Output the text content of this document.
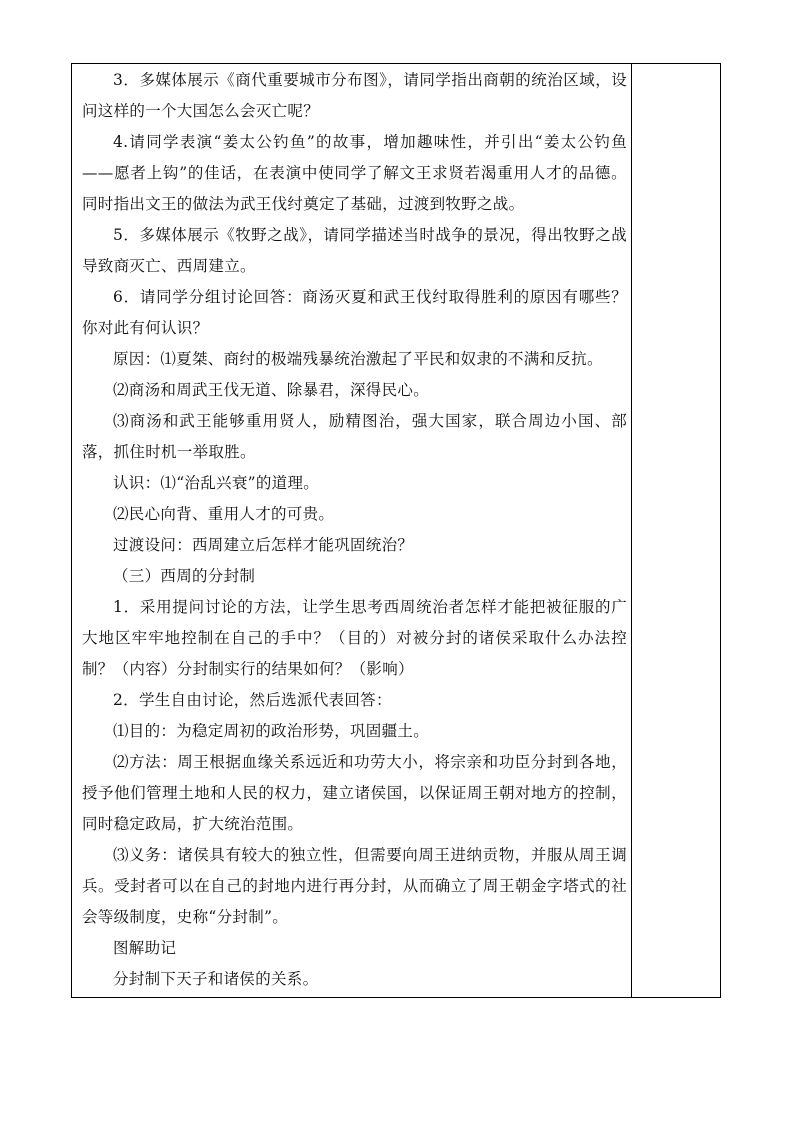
3．多媒体展示《商代重要城市分布图》，请同学指出商朝的统治区域，设问这样的一个大国怎么会灭亡呢？

4.请同学表演“姜太公钓鱼”的故事，增加趣味性，并引出“姜太公钓鱼——愿者上钩”的佳话，在表演中使同学了解文王求贤若渴重用人才的品德。同时指出文王的做法为武王伐纣奠定了基础，过渡到牧野之战。

5．多媒体展示《牧野之战》，请同学描述当时战争的景况，得出牧野之战导致商灭亡、西周建立。

6．请同学分组讨论回答：商汤灭夏和武王伐纣取得胜利的原因有哪些？你对此有何认识？

原因：⑴夏桀、商纣的极端残暴统治激起了平民和奴隶的不满和反抗。

⑵商汤和周武王伐无道、除暴君，深得民心。

⑶商汤和武王能够重用贤人，励精图治，强大国家，联合周边小国、部落，抓住时机一举取胜。

认识：⑴“治乱兴衰”的道理。

⑵民心向背、重用人才的可贵。

过渡设问：西周建立后怎样才能巩固统治？

（三）西周的分封制

1．采用提问讨论的方法，让学生思考西周统治者怎样才能把被征服的广大地区牢牢地控制在自己的手中？（目的）对被分封的诸侯采取什么办法控制？（内容）分封制实行的结果如何？（影响）

2．学生自由讨论，然后选派代表回答：

⑴目的：为稳定周初的政治形势，巩固疆土。

⑵方法：周王根据血缘关系远近和功劳大小，将宗亲和功臣分封到各地，授予他们管理土地和人民的权力，建立诸侯国，以保证周王朝对地方的控制，同时稳定政局，扩大统治范围。

⑶义务：诸侯具有较大的独立性，但需要向周王进纳贡物，并服从周王调兵。受封者可以在自己的封地内进行再分封，从而确立了周王朝金字塔式的社会等级制度，史称“分封制”。

图解助记

分封制下天子和诸侯的关系。
